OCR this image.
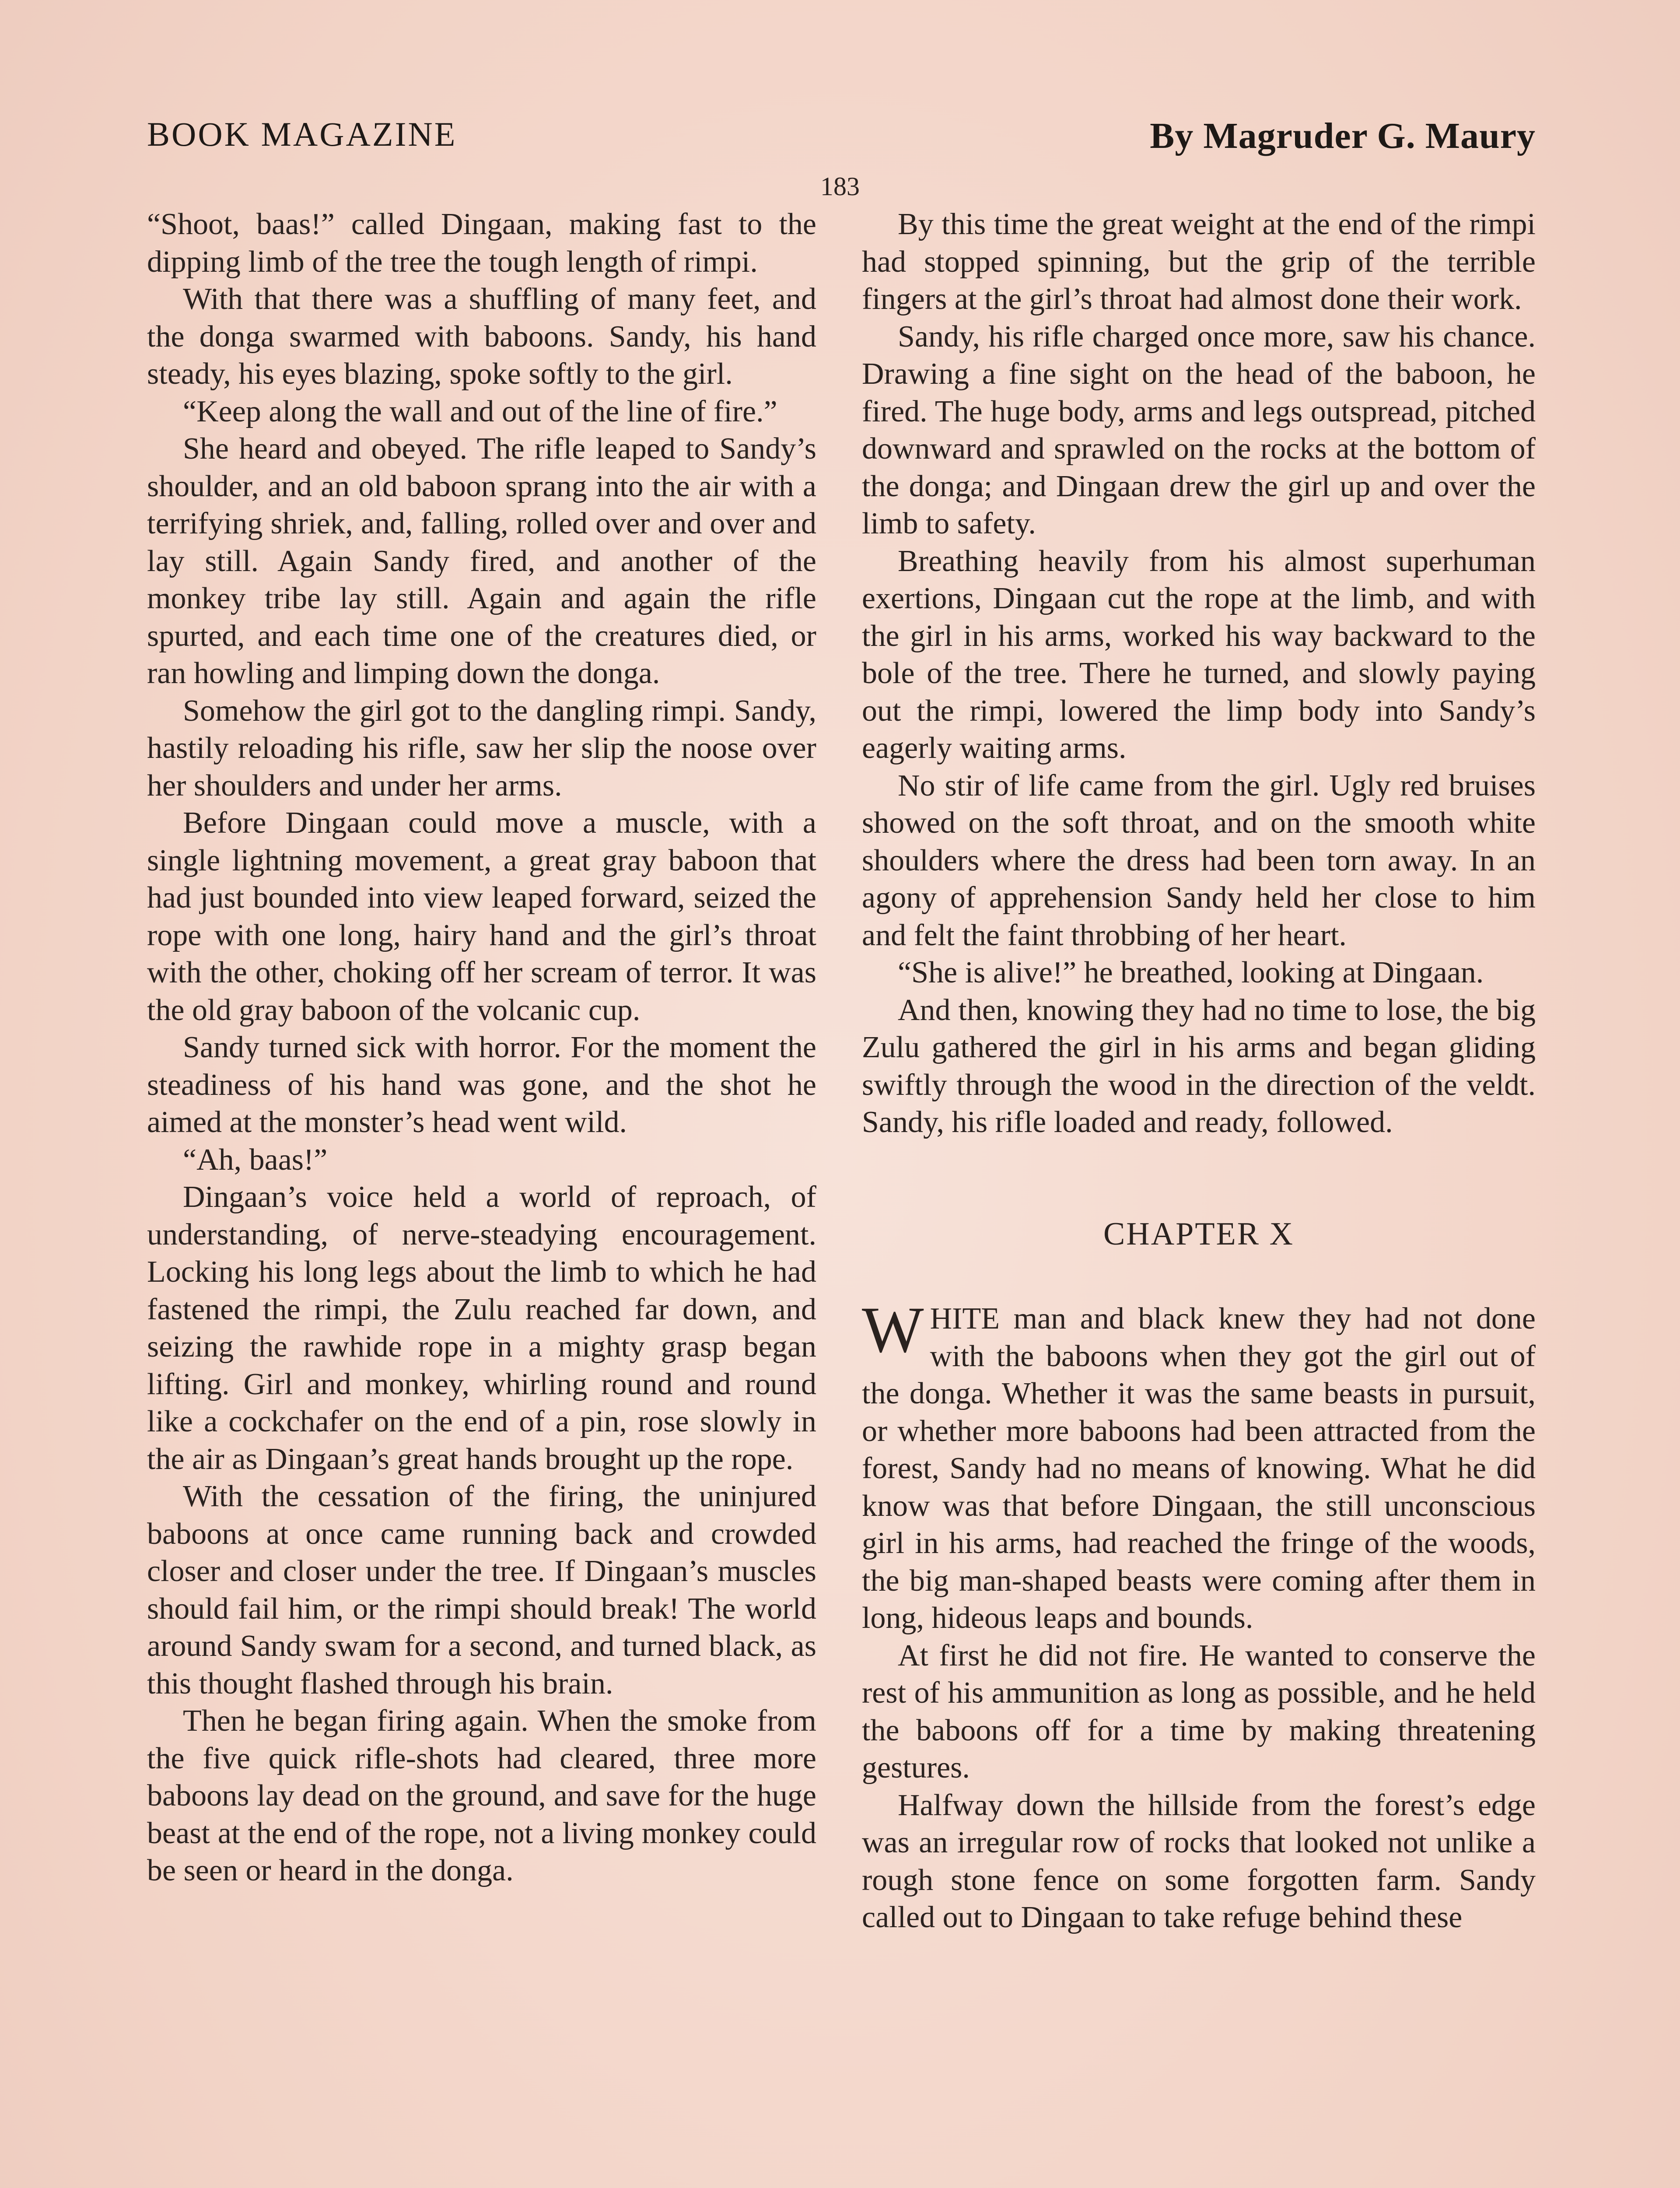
BOOK MAGAZINE	By Magruder G. Maury
183

“Shoot, baas!” called Dingaan, making fast to the dipping limb of the tree the tough length of rimpi.

With that there was a shuffling of many feet, and the donga swarmed with baboons. Sandy, his hand steady, his eyes blazing, spoke softly to the girl.

“Keep along the wall and out of the line of fire.”

She heard and obeyed. The rifle leaped to Sandy’s shoulder, and an old baboon sprang into the air with a terrifying shriek, and, falling, rolled over and over and lay still. Again Sandy fired, and another of the monkey tribe lay still. Again and again the rifle spurted, and each time one of the creatures died, or ran howling and limping down the donga.

Somehow the girl got to the dangling rimpi. Sandy, hastily reloading his rifle, saw her slip the noose over her shoulders and under her arms.

Before Dingaan could move a muscle, with a single lightning movement, a great gray baboon that had just bounded into view leaped forward, seized the rope with one long, hairy hand and the girl’s throat with the other, choking off her scream of terror. It was the old gray baboon of the volcanic cup.

Sandy turned sick with horror. For the moment the steadiness of his hand was gone, and the shot he aimed at the monster’s head went wild.

“Ah, baas!”

Dingaan’s voice held a world of reproach, of understanding, of nerve-steadying encouragement. Locking his long legs about the limb to which he had fastened the rimpi, the Zulu reached far down, and seizing the rawhide rope in a mighty grasp began lifting. Girl and monkey, whirling round and round like a cockchafer on the end of a pin, rose slowly in the air as Dingaan’s great hands brought up the rope.

With the cessation of the firing, the uninjured baboons at once came running back and crowded closer and closer under the tree. If Dingaan’s muscles should fail him, or the rimpi should break! The world around Sandy swam for a second, and turned black, as this thought flashed through his brain.

Then he began firing again. When the smoke from the five quick rifle-shots had cleared, three more baboons lay dead on the ground, and save for the huge beast at the end of the rope, not a living monkey could be seen or heard in the donga.

By this time the great weight at the end of the rimpi had stopped spinning, but the grip of the terrible fingers at the girl’s throat had almost done their work.

Sandy, his rifle charged once more, saw his chance. Drawing a fine sight on the head of the baboon, he fired. The huge body, arms and legs outspread, pitched downward and sprawled on the rocks at the bottom of the donga; and Dingaan drew the girl up and over the limb to safety.

Breathing heavily from his almost superhuman exertions, Dingaan cut the rope at the limb, and with the girl in his arms, worked his way backward to the bole of the tree. There he turned, and slowly paying out the rimpi, lowered the limp body into Sandy’s eagerly waiting arms.

No stir of life came from the girl. Ugly red bruises showed on the soft throat, and on the smooth white shoulders where the dress had been torn away. In an agony of apprehension Sandy held her close to him and felt the faint throbbing of her heart.

“She is alive!” he breathed, looking at Dingaan.

And then, knowing they had no time to lose, the big Zulu gathered the girl in his arms and began gliding swiftly through the wood in the direction of the veldt. Sandy, his rifle loaded and ready, followed.

CHAPTER X

WHITE man and black knew they had not done with the baboons when they got the girl out of the donga. Whether it was the same beasts in pursuit, or whether more baboons had been attracted from the forest, Sandy had no means of knowing. What he did know was that before Dingaan, the still unconscious girl in his arms, had reached the fringe of the woods, the big man-shaped beasts were coming after them in long, hideous leaps and bounds.

At first he did not fire. He wanted to conserve the rest of his ammunition as long as possible, and he held the baboons off for a time by making threatening gestures.

Halfway down the hillside from the forest’s edge was an irregular row of rocks that looked not unlike a rough stone fence on some forgotten farm. Sandy called out to Dingaan to take refuge behind these
